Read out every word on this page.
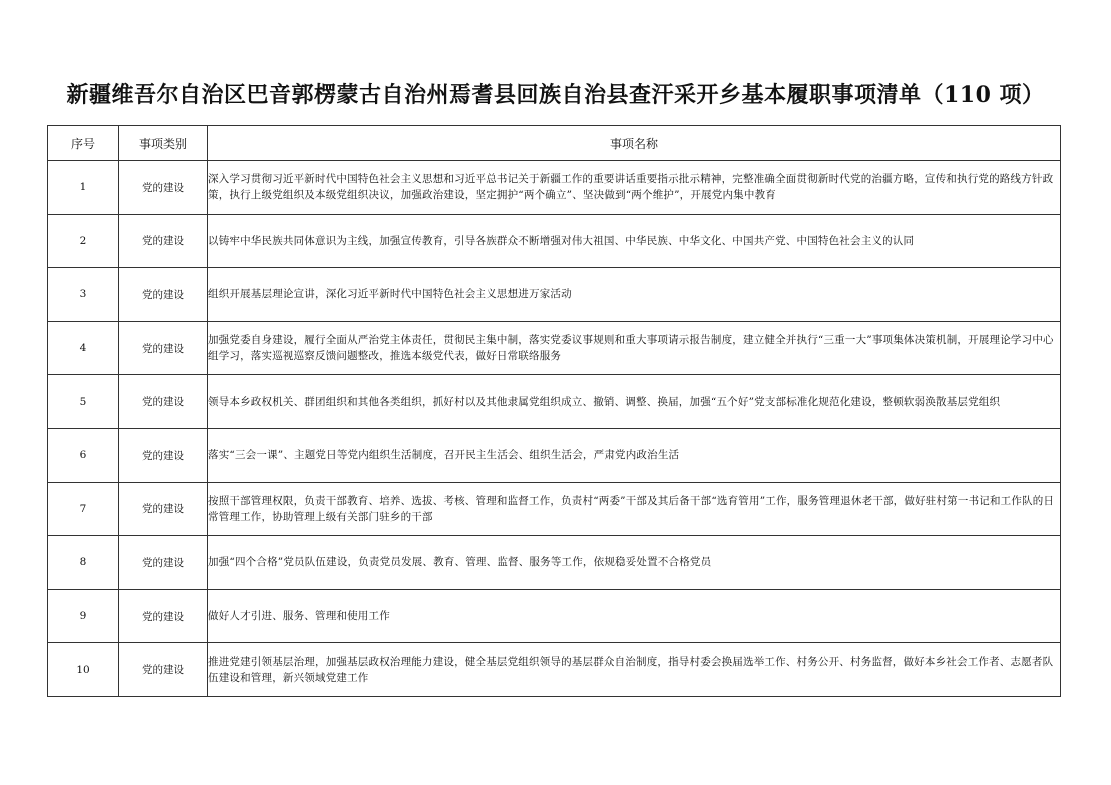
新疆维吾尔自治区巴音郭楞蒙古自治州焉耆县回族自治县查汗采开乡基本履职事项清单（110 项）
序号	事项类别	事项名称
1	党的建设	深入学习贯彻习近平新时代中国特色社会主义思想和习近平总书记关于新疆工作的重要讲话重要指示批示精神，完整准确全面贯彻新时代党的治疆方略，宣传和执行党的路线方针政策，执行上级党组织及本级党组织决议，加强政治建设，坚定拥护“两个确立”、坚决做到“两个维护”，开展党内集中教育
2	党的建设	以铸牢中华民族共同体意识为主线，加强宣传教育，引导各族群众不断增强对伟大祖国、中华民族、中华文化、中国共产党、中国特色社会主义的认同
3	党的建设	组织开展基层理论宣讲，深化习近平新时代中国特色社会主义思想进万家活动
4	党的建设	加强党委自身建设，履行全面从严治党主体责任，贯彻民主集中制，落实党委议事规则和重大事项请示报告制度，建立健全并执行“三重一大”事项集体决策机制，开展理论学习中心组学习，落实巡视巡察反馈问题整改，推选本级党代表，做好日常联络服务
5	党的建设	领导本乡政权机关、群团组织和其他各类组织，抓好村以及其他隶属党组织成立、撤销、调整、换届，加强“五个好”党支部标准化规范化建设，整顿软弱涣散基层党组织
6	党的建设	落实“三会一课”、主题党日等党内组织生活制度，召开民主生活会、组织生活会，严肃党内政治生活
7	党的建设	按照干部管理权限，负责干部教育、培养、选拔、考核、管理和监督工作，负责村“两委”干部及其后备干部“选育管用”工作，服务管理退休老干部，做好驻村第一书记和工作队的日常管理工作，协助管理上级有关部门驻乡的干部
8	党的建设	加强“四个合格”党员队伍建设，负责党员发展、教育、管理、监督、服务等工作，依规稳妥处置不合格党员
9	党的建设	做好人才引进、服务、管理和使用工作
10	党的建设	推进党建引领基层治理，加强基层政权治理能力建设，健全基层党组织领导的基层群众自治制度，指导村委会换届选举工作、村务公开、村务监督，做好本乡社会工作者、志愿者队伍建设和管理，新兴领域党建工作
